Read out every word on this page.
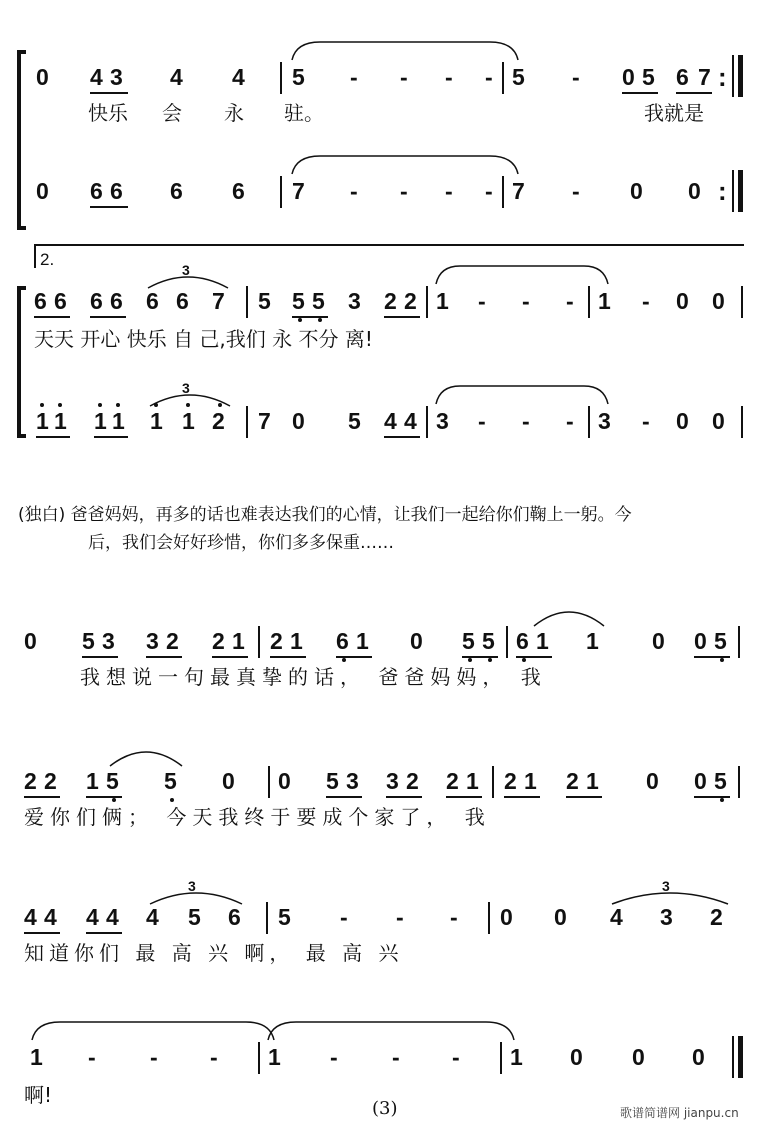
0 4 3 4 4 5 - - - - 5 - 0 5 6 7 :
快乐 会 永 驻。	我就是
0 6 6 6 6 7 - - - - 7 - 0 0 :
2.
6 6 6 6 6 6 7
3
5 5 5 3 2 2 1 - - - 1 - 0 0
天天 开心 快乐 自 己,我们 永 不分 离!
1 1 1 1 1 1 2
3
7 0 5 4 4 3 - - - 3 - 0 0
(独白) 爸爸妈妈，再多的话也难表达我们的心情，让我们一起给你们鞠上一躬。今
后，我们会好好珍惜，你们多多保重……
0 5 3 3 2 2 1 2 1 6 1 0 5 5 6 1 1 0 0 5
我想说一句最真挚的话， 爸爸妈妈， 我
2 2 1 5 5 0 0 5 3 3 2 2 1 2 1 2 1 0 0 5
爱你们俩； 今天我终于要成个家了， 我
4 4 4 4 4 5 6
3
5 - - - 0 0 4 3 2
3
知道你们 最 高 兴 啊， 最 高 兴
1 - - - 1 - - - 1 0 0 0
啊!
(3)	歌谱简谱网 jianpu.cn
